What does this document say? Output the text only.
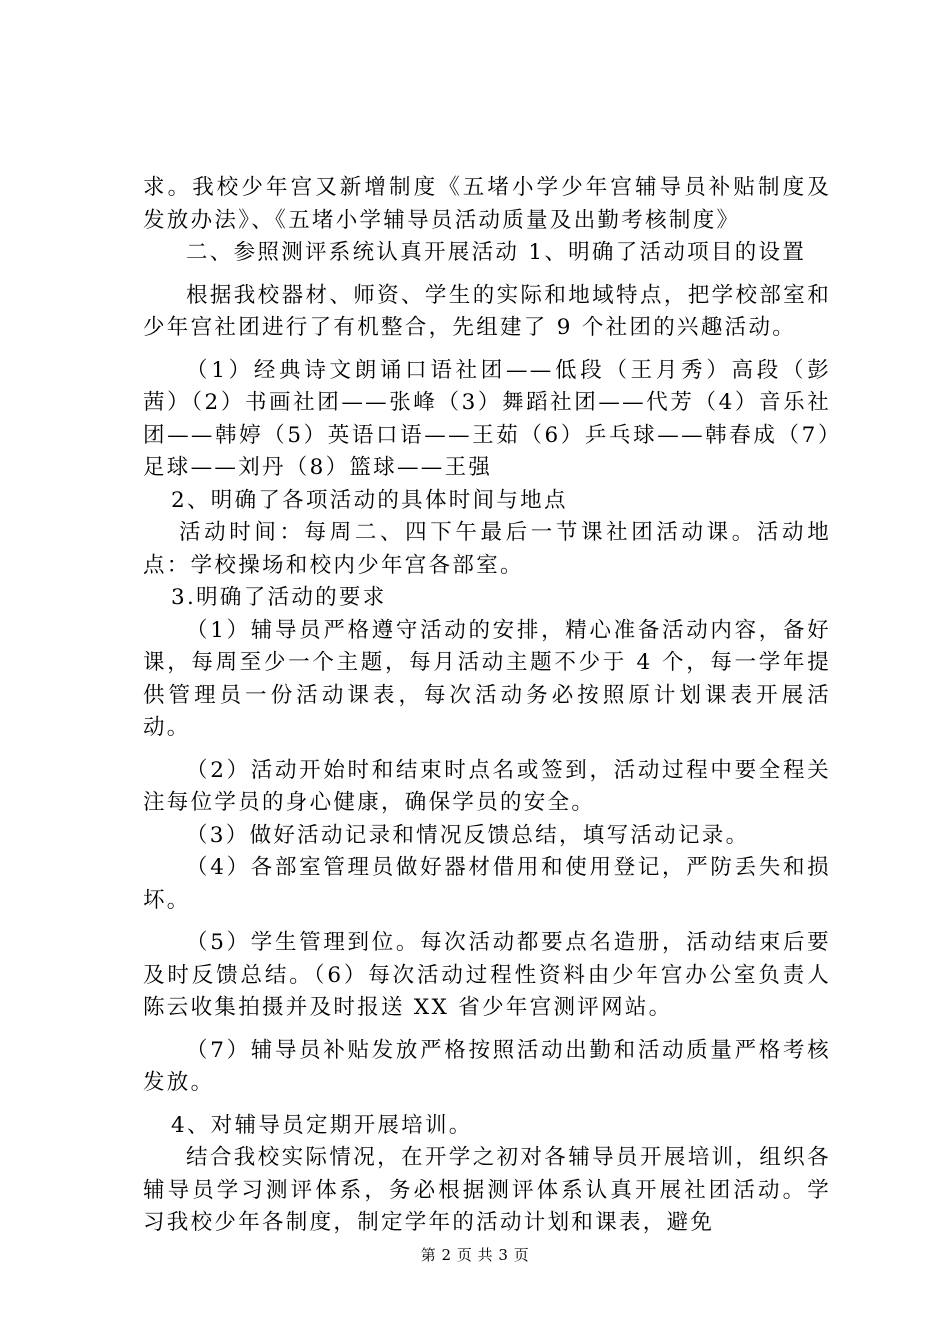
求。我校少年宫又新增制度《五堵小学少年宫辅导员补贴制度及发放办法》、《五堵小学辅导员活动质量及出勤考核制度》

二、参照测评系统认真开展活动 1、明确了活动项目的设置

根据我校器材、师资、学生的实际和地域特点，把学校部室和少年宫社团进行了有机整合，先组建了 9 个社团的兴趣活动。

（1）经典诗文朗诵口语社团——低段（王月秀）高段（彭茜）（2）书画社团——张峰（3）舞蹈社团——代芳（4）音乐社团——韩婷（5）英语口语——王茹（6）乒乓球——韩春成（7）足球——刘丹（8）篮球——王强

2、明确了各项活动的具体时间与地点

活动时间：每周二、四下午最后一节课社团活动课。活动地点：学校操场和校内少年宫各部室。

3.明确了活动的要求

（1）辅导员严格遵守活动的安排，精心准备活动内容，备好课，每周至少一个主题，每月活动主题不少于 4 个，每一学年提供管理员一份活动课表，每次活动务必按照原计划课表开展活动。

（2）活动开始时和结束时点名或签到，活动过程中要全程关注每位学员的身心健康，确保学员的安全。

（3）做好活动记录和情况反馈总结，填写活动记录。

（4）各部室管理员做好器材借用和使用登记，严防丢失和损坏。

（5）学生管理到位。每次活动都要点名造册，活动结束后要及时反馈总结。（6）每次活动过程性资料由少年宫办公室负责人陈云收集拍摄并及时报送 XX 省少年宫测评网站。

（7）辅导员补贴发放严格按照活动出勤和活动质量严格考核发放。

4、对辅导员定期开展培训。

结合我校实际情况，在开学之初对各辅导员开展培训，组织各辅导员学习测评体系，务必根据测评体系认真开展社团活动。学习我校少年各制度，制定学年的活动计划和课表，避免

第 2 页 共 3 页
